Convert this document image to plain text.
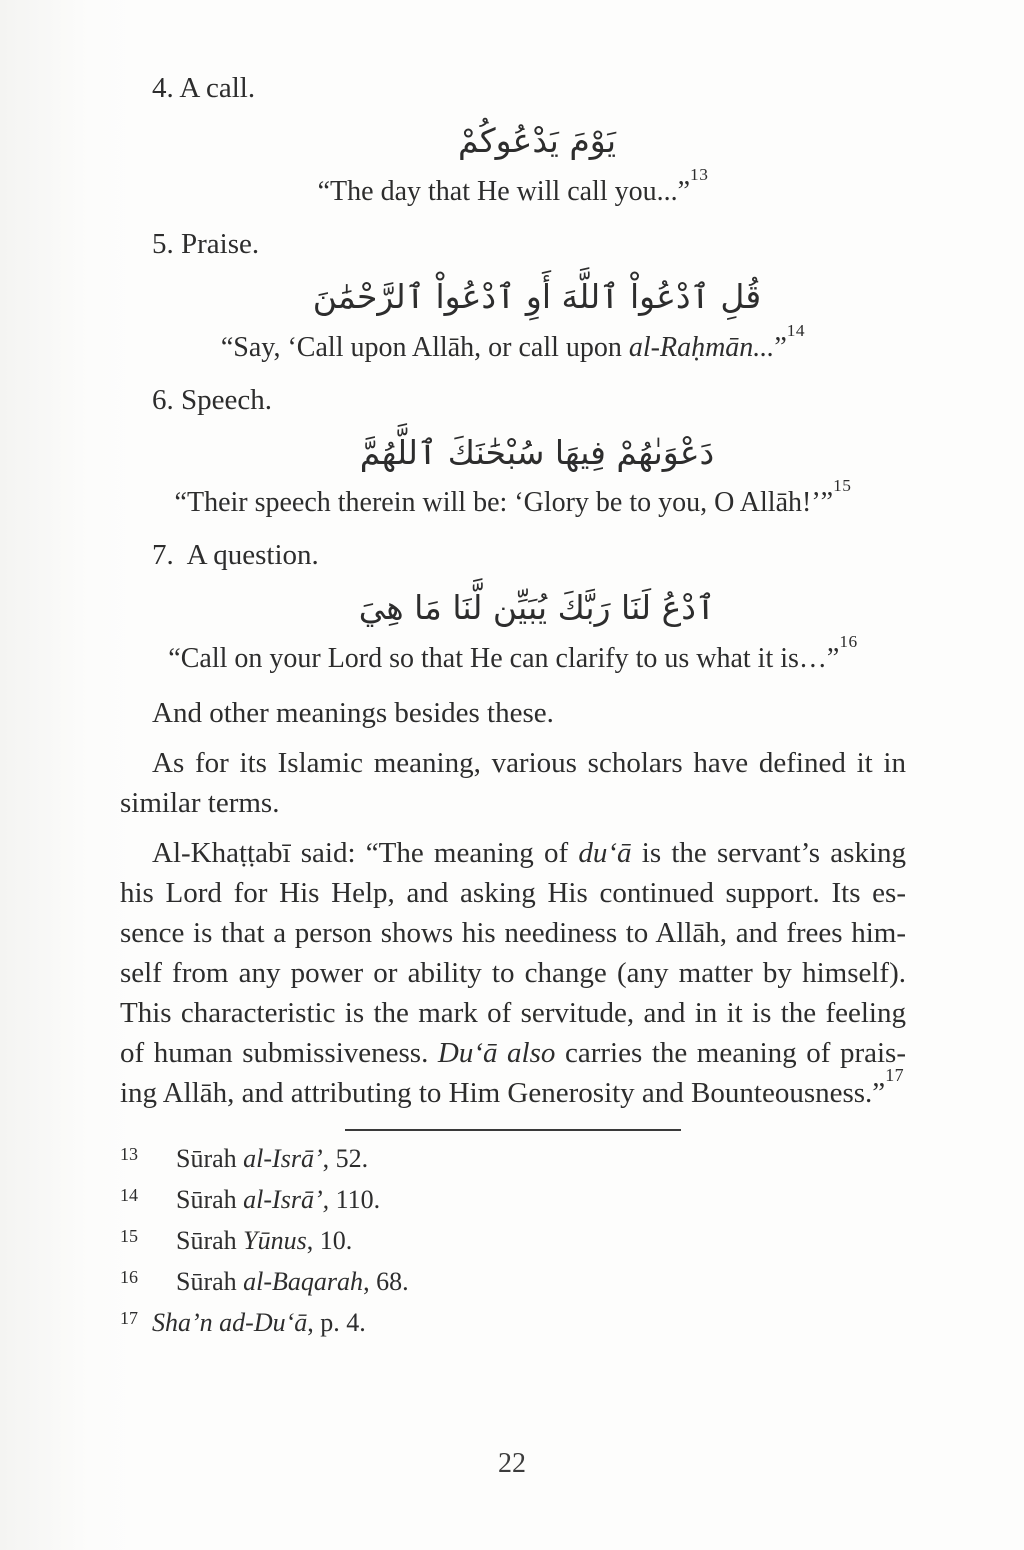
4. A call.
يَوْمَ يَدْعُوكُمْ
“The day that He will call you...”$^{13}$
5. Praise.
قُلِ ٱدْعُواْ ٱللَّهَ أَوِ ٱدْعُواْ ٱلرَّحْمَٰنَ
“Say, ‘Call upon Allāh, or call upon al-Raḥmān...”$^{14}$
6. Speech.
دَعْوَىٰهُمْ فِيهَا سُبْحَٰنَكَ ٱللَّهُمَّ
“Their speech therein will be: ‘Glory be to you, O Allāh!’”$^{15}$
7.  A question.
ٱدْعُ لَنَا رَبَّكَ يُبَيِّن لَّنَا مَا هِيَ
“Call on your Lord so that He can clarify to us what it is…”$^{16}$
And other meanings besides these.
As for its Islamic meaning, various scholars have defined it in
similar terms.
Al-Khaṭṭabī said: “The meaning of du‘ā is the servant’s asking
his Lord for His Help, and asking His continued support. Its es-
sence is that a person shows his neediness to Allāh, and frees him-
self from any power or ability to change (any matter by himself).
This characteristic is the mark of servitude, and in it is the feeling
of human submissiveness. Du‘ā also carries the meaning of prais-
ing Allāh, and attributing to Him Generosity and Bounteousness.”$^{17}$
13	Sūrah al-Isrā’, 52.
14	Sūrah al-Isrā’, 110.
15	Sūrah Yūnus, 10.
16	Sūrah al-Baqarah, 68.
17 Sha’n ad-Du‘ā, p. 4.
22
